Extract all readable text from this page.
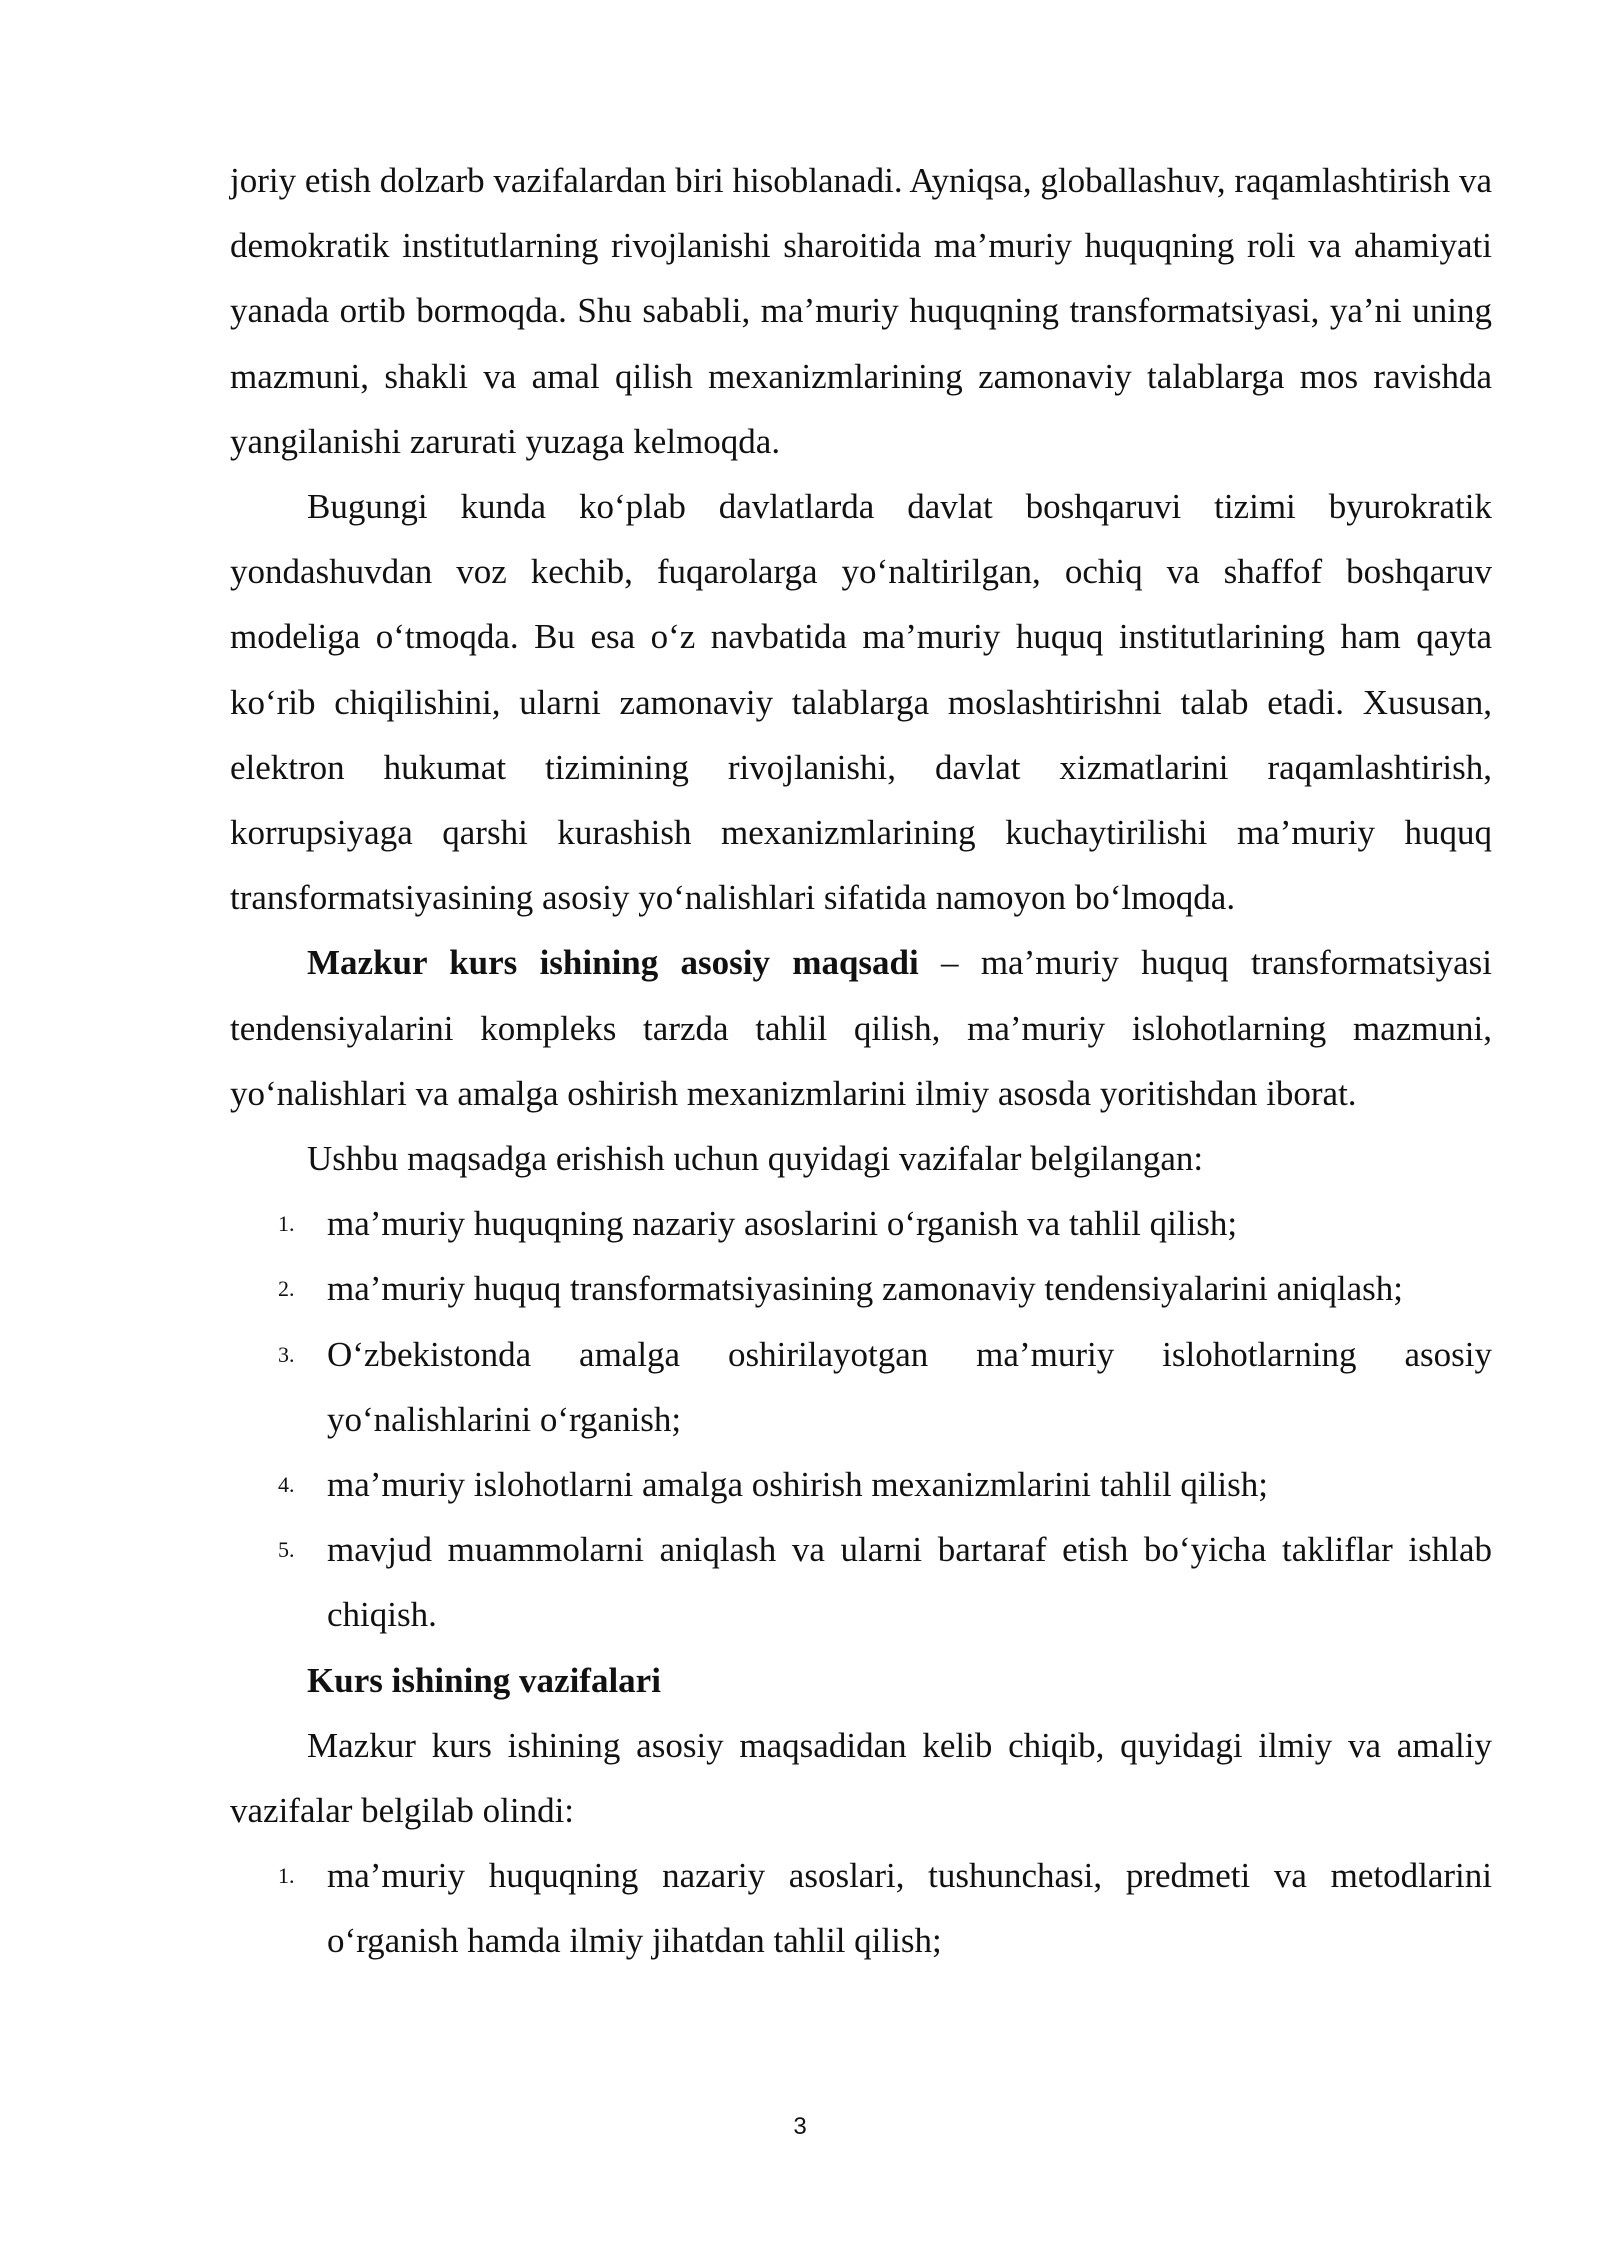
joriy etish dolzarb vazifalardan biri hisoblanadi. Ayniqsa, globallashuv, raqamlashtirish va demokratik institutlarning rivojlanishi sharoitida ma’muriy huquqning roli va ahamiyati yanada ortib bormoqda. Shu sababli, ma’muriy huquqning transformatsiyasi, ya’ni uning mazmuni, shakli va amal qilish mexanizmlarining zamonaviy talablarga mos ravishda yangilanishi zarurati yuzaga kelmoqda.

Bugungi kunda ko‘plab davlatlarda davlat boshqaruvi tizimi byurokratik yondashuvdan voz kechib, fuqarolarga yo‘naltirilgan, ochiq va shaffof boshqaruv modeliga o‘tmoqda. Bu esa o‘z navbatida ma’muriy huquq institutlarining ham qayta ko‘rib chiqilishini, ularni zamonaviy talablarga moslashtirishni talab etadi. Xususan, elektron hukumat tizimining rivojlanishi, davlat xizmatlarini raqamlashtirish, korrupsiyaga qarshi kurashish mexanizmlarining kuchaytirilishi ma’muriy huquq transformatsiyasining asosiy yo‘nalishlari sifatida namoyon bo‘lmoqda.

Mazkur kurs ishining asosiy maqsadi – ma’muriy huquq transformatsiyasi tendensiyalarini kompleks tarzda tahlil qilish, ma’muriy islohotlarning mazmuni, yo‘nalishlari va amalga oshirish mexanizmlarini ilmiy asosda yoritishdan iborat.

Ushbu maqsadga erishish uchun quyidagi vazifalar belgilangan:

1. ma’muriy huquqning nazariy asoslarini o‘rganish va tahlil qilish;
2. ma’muriy huquq transformatsiyasining zamonaviy tendensiyalarini aniqlash;
3. O‘zbekistonda amalga oshirilayotgan ma’muriy islohotlarning asosiy yo‘nalishlarini o‘rganish;
4. ma’muriy islohotlarni amalga oshirish mexanizmlarini tahlil qilish;
5. mavjud muammolarni aniqlash va ularni bartaraf etish bo‘yicha takliflar ishlab chiqish.
Kurs ishining vazifalari

Mazkur kurs ishining asosiy maqsadidan kelib chiqib, quyidagi ilmiy va amaliy vazifalar belgilab olindi:

1. ma’muriy huquqning nazariy asoslari, tushunchasi, predmeti va metodlarini o‘rganish hamda ilmiy jihatdan tahlil qilish;
3
